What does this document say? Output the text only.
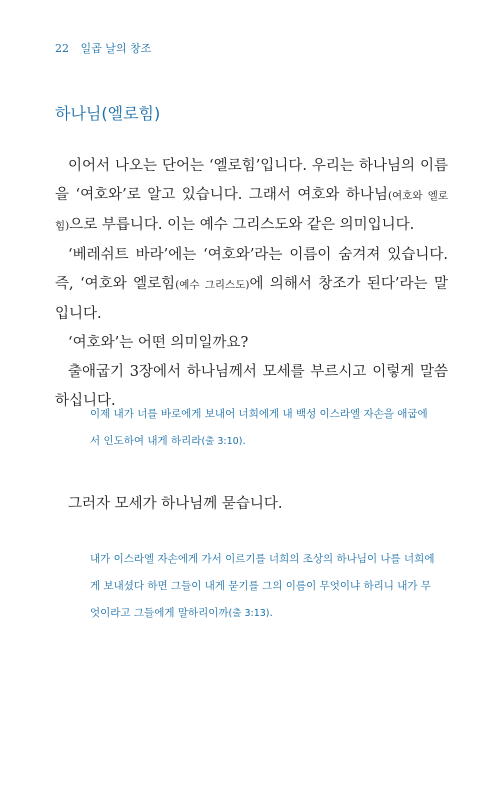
22 일곱 날의 창조
하나님(엘로힘)

이어서 나오는 단어는 ‘엘로힘’입니다. 우리는 하나님의 이름을 ‘여호와’로 알고 있습니다. 그래서 여호와 하나님(여호와 엘로힘)으로 부릅니다. 이는 예수 그리스도와 같은 의미입니다.

‘베레쉬트 바라’에는 ‘여호와’라는 이름이 숨겨져 있습니다. 즉, ‘여호와 엘로힘(예수 그리스도)에 의해서 창조가 된다’라는 말입니다.

‘여호와’는 어떤 의미일까요?

출애굽기 3장에서 하나님께서 모세를 부르시고 이렇게 말씀하십니다.

이제 내가 너를 바로에게 보내어 너희에게 내 백성 이스라엘 자손을 애굽에서 인도하여 내게 하리라(출 3:10).
그러자 모세가 하나님께 묻습니다.
내가 이스라엘 자손에게 가서 이르기를 너희의 조상의 하나님이 나를 너희에게 보내셨다 하면 그들이 내게 묻기를 그의 이름이 무엇이냐 하리니 내가 무엇이라고 그들에게 말하리이까(출 3:13).
